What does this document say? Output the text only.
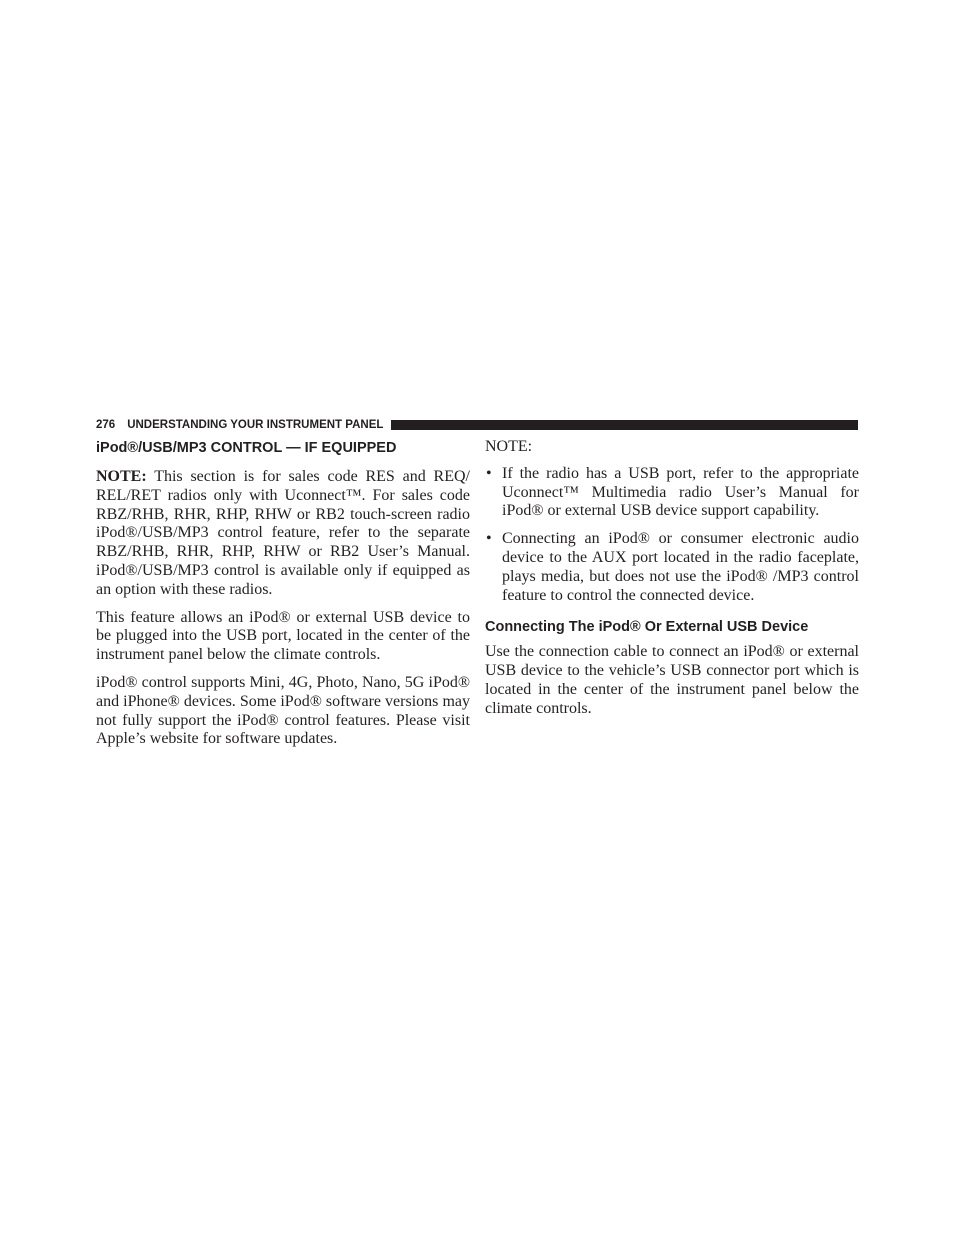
276 UNDERSTANDING YOUR INSTRUMENT PANEL
iPod®/USB/MP3 CONTROL — IF EQUIPPED

NOTE: This section is for sales code RES and REQ/ REL/RET radios only with Uconnect™. For sales code RBZ/RHB, RHR, RHP, RHW or RB2 touch-screen radio iPod®/USB/MP3 control feature, refer to the separate RBZ/RHB, RHR, RHP, RHW or RB2 User’s Manual. iPod®/USB/MP3 control is available only if equipped as an option with these radios.

This feature allows an iPod® or external USB device to be plugged into the USB port, located in the center of the instrument panel below the climate controls.

iPod® control supports Mini, 4G, Photo, Nano, 5G iPod® and iPhone® devices. Some iPod® software versions may not fully support the iPod® control features. Please visit Apple’s website for software updates.

NOTE:

• If the radio has a USB port, refer to the appropriate Uconnect™ Multimedia radio User’s Manual for iPod® or external USB device support capability.
• Connecting an iPod® or consumer electronic audio device to the AUX port located in the radio faceplate, plays media, but does not use the iPod® /MP3 control feature to control the connected device.
Connecting The iPod® Or External USB Device

Use the connection cable to connect an iPod® or external USB device to the vehicle’s USB connector port which is located in the center of the instrument panel below the climate controls.
